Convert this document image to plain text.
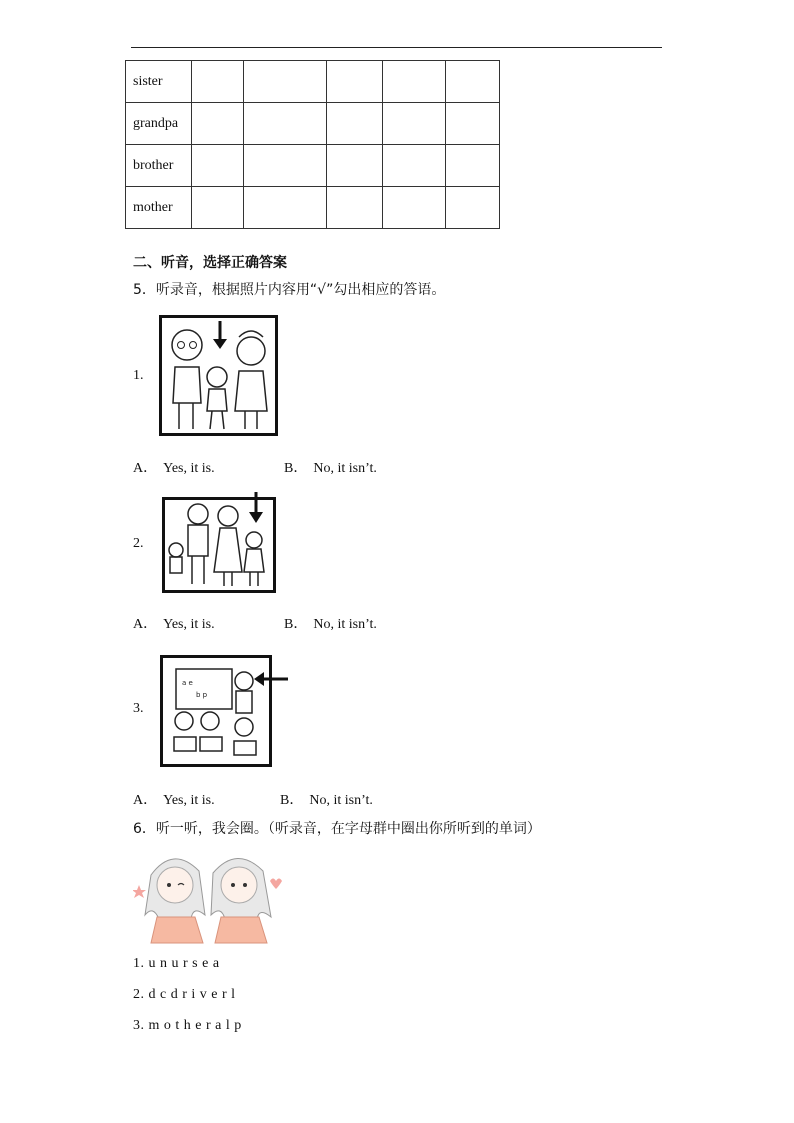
sister					
grandpa					
brother					
mother					
二、听音，选择正确答案
5．听录音，根据照片内容用“√”勾出相应的答语。
1.
A． Yes, it is.	B． No, it isn’t.
2.
A． Yes, it is.	B． No, it isn’t.
3.
a e
b p
A． Yes, it is.	B． No, it isn’t.
6．听一听，我会圈。（听录音，在字母群中圈出你所听到的单词）
1. u n u r s e a
2. d c d r i v e r l
3. m o t h e r a l p
